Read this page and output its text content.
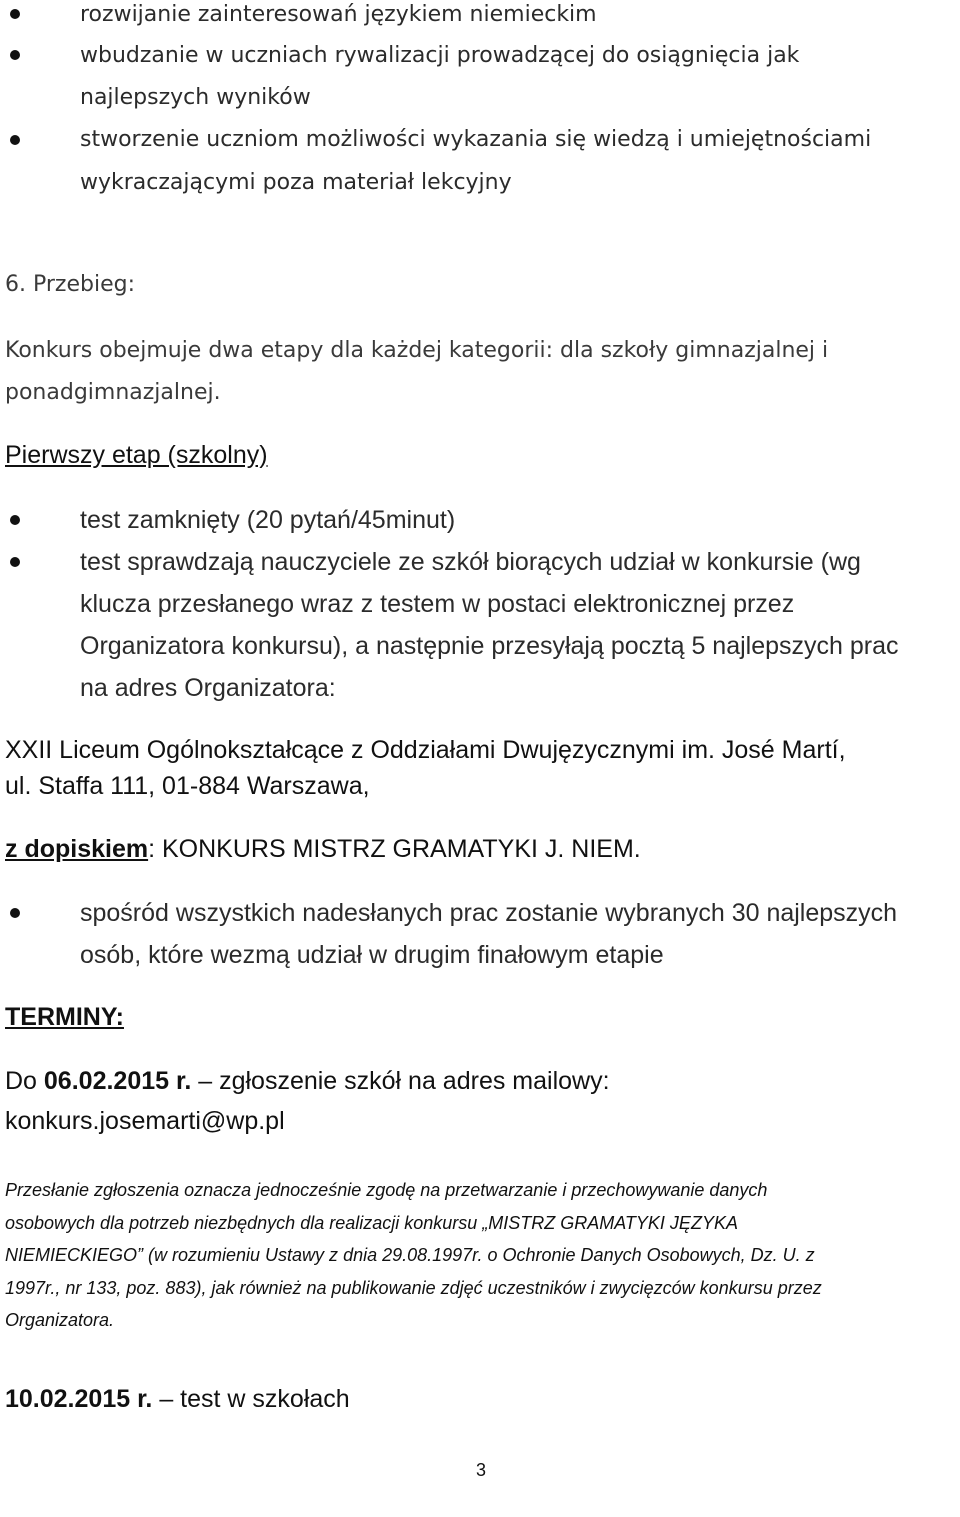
rozwijanie zainteresowań językiem niemieckim
wbudzanie w uczniach rywalizacji prowadzącej do osiągnięcia jak
najlepszych wyników
stworzenie uczniom możliwości wykazania się wiedzą i umiejętnościami
wykraczającymi poza materiał lekcyjny
6. Przebieg:
Konkurs obejmuje dwa etapy dla każdej kategorii: dla szkoły gimnazjalnej i
ponadgimnazjalnej.
Pierwszy etap (szkolny)
test zamknięty (20 pytań/45minut)
test sprawdzają nauczyciele ze szkół biorących udział w konkursie (wg
klucza przesłanego wraz z testem w postaci elektronicznej przez
Organizatora konkursu), a następnie przesyłają pocztą 5 najlepszych prac
na adres Organizatora:
XXII Liceum Ogólnokształcące z Oddziałami Dwujęzycznymi im. José Martí,
ul. Staffa 111, 01-884 Warszawa,
z dopiskiem: KONKURS MISTRZ GRAMATYKI J. NIEM.
spośród wszystkich nadesłanych prac zostanie wybranych 30 najlepszych
osób, które wezmą udział w drugim finałowym etapie
TERMINY:
Do 06.02.2015 r. – zgłoszenie szkół na adres mailowy:
konkurs.josemarti@wp.pl
Przesłanie zgłoszenia oznacza jednocześnie zgodę na przetwarzanie i przechowywanie danych
osobowych dla potrzeb niezbędnych dla realizacji konkursu „MISTRZ GRAMATYKI JĘZYKA
NIEMIECKIEGO” (w rozumieniu Ustawy z dnia 29.08.1997r. o Ochronie Danych Osobowych, Dz. U. z
1997r., nr 133, poz. 883), jak również na publikowanie zdjęć uczestników i zwycięzców konkursu przez
Organizatora.
10.02.2015 r. – test w szkołach
3
